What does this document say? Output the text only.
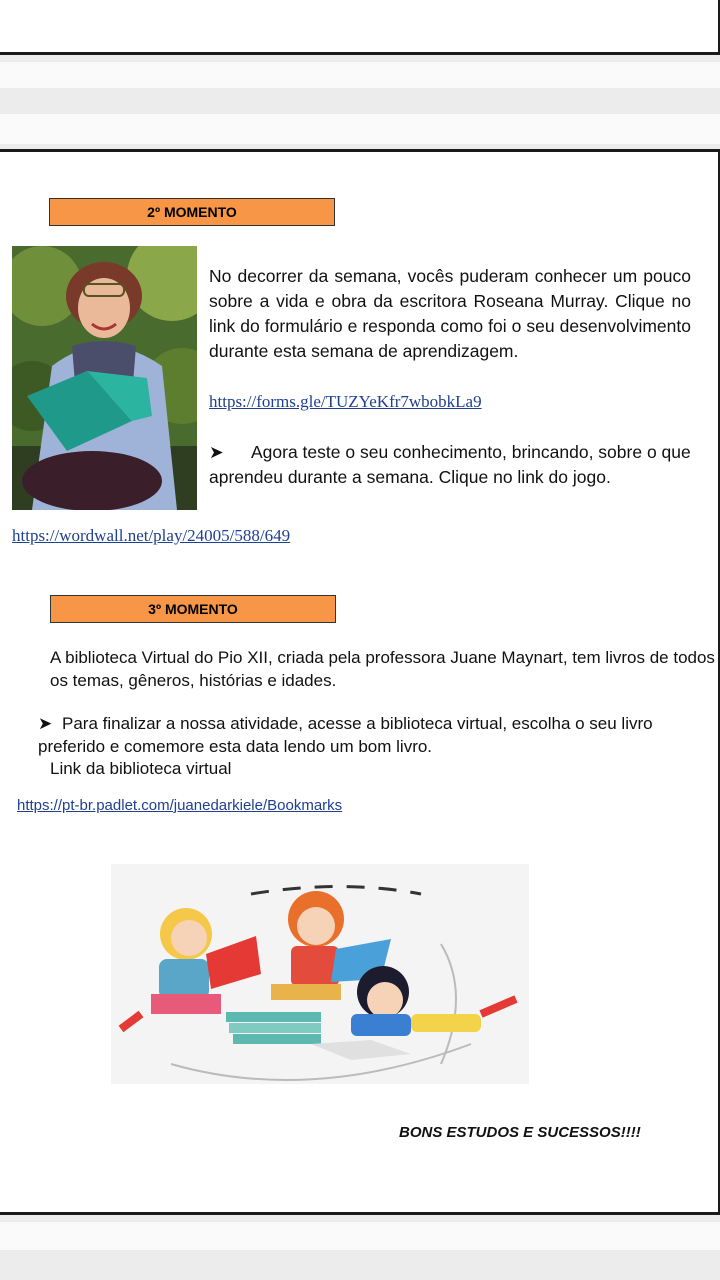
2º MOMENTO
No decorrer da semana, vocês puderam conhecer um pouco sobre a vida e obra da escritora Roseana Murray. Clique no link do formulário e responda como foi o seu desenvolvimento durante esta semana de aprendizagem.
https://forms.gle/TUZYeKfr7wbobkLa9
➤ Agora teste o seu conhecimento, brincando, sobre o que aprendeu durante a semana. Clique no link do jogo.
https://wordwall.net/play/24005/588/649
3º MOMENTO
A biblioteca Virtual do Pio XII, criada pela professora Juane Maynart, tem livros de todos os temas, gêneros, histórias e idades.
➤ Para finalizar a nossa atividade, acesse a biblioteca virtual, escolha o seu livro preferido e comemore esta data lendo um bom livro.
Link da biblioteca virtual
https://pt-br.padlet.com/juanedarkiele/Bookmarks
BONS ESTUDOS E SUCESSOS!!!!
